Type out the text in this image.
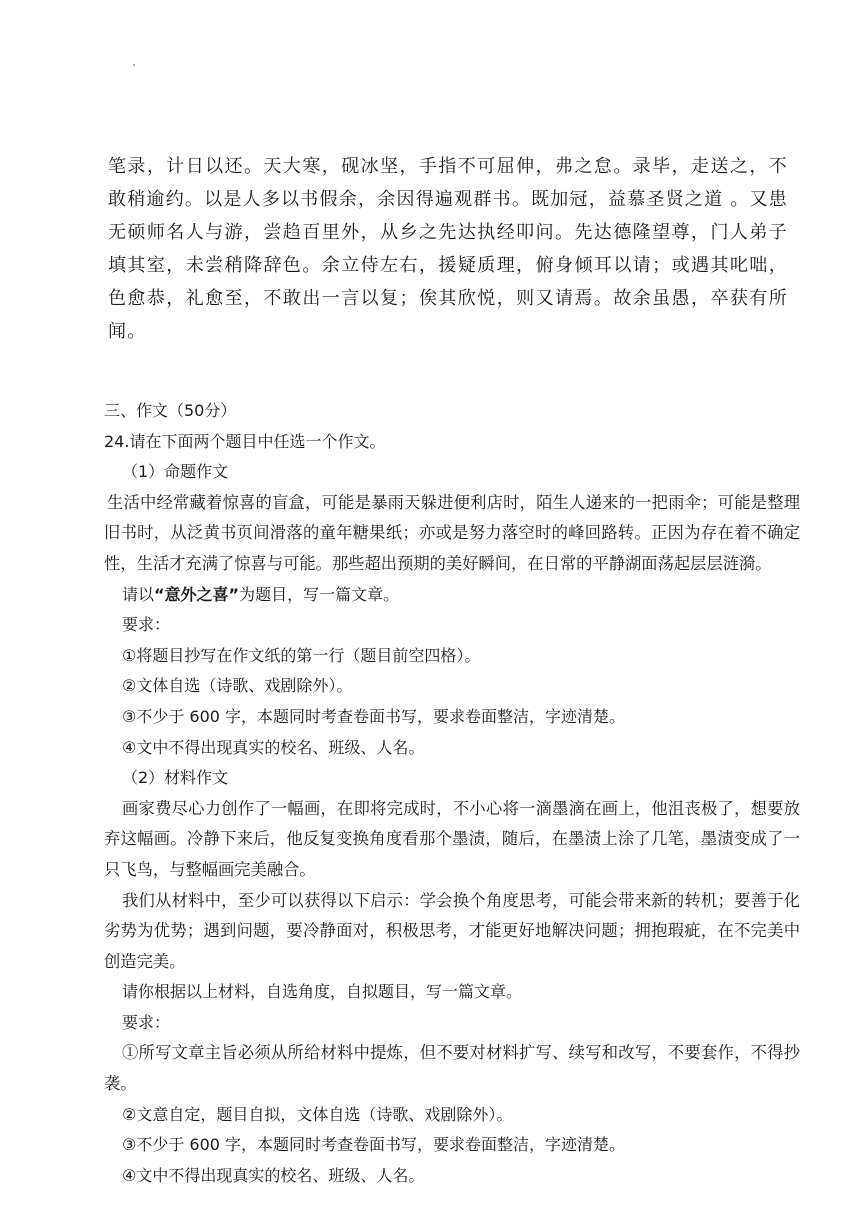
笔录，计日以还。天大寒，砚冰坚，手指不可屈伸，弗之怠。录毕，走送之，不敢稍逾约。以是人多以书假余，余因得遍观群书。既加冠，益慕圣贤之道 。又患无硕师名人与游，尝趋百里外，从乡之先达执经叩问。先达德隆望尊，门人弟子填其室，未尝稍降辞色。余立侍左右，援疑质理，俯身倾耳以请；或遇其叱咄，色愈恭，礼愈至，不敢出一言以复；俟其欣悦，则又请焉。故余虽愚，卒获有所闻。

三、作文（50分）

24.请在下面两个题目中任选一个作文。

（1）命题作文

生活中经常藏着惊喜的盲盒，可能是暴雨天躲进便利店时，陌生人递来的一把雨伞；可能是整理旧书时，从泛黄书页间滑落的童年糖果纸；亦或是努力落空时的峰回路转。正因为存在着不确定性，生活才充满了惊喜与可能。那些超出预期的美好瞬间，在日常的平静湖面荡起层层涟漪。

请以“意外之喜”为题目，写一篇文章。

要求：

①将题目抄写在作文纸的第一行（题目前空四格）。

②文体自选（诗歌、戏剧除外）。

③不少于 600 字，本题同时考查卷面书写，要求卷面整洁，字迹清楚。

④文中不得出现真实的校名、班级、人名。

（2）材料作文

画家费尽心力创作了一幅画，在即将完成时，不小心将一滴墨滴在画上，他沮丧极了，想要放弃这幅画。冷静下来后，他反复变换角度看那个墨渍，随后，在墨渍上涂了几笔，墨渍变成了一只飞鸟，与整幅画完美融合。

我们从材料中，至少可以获得以下启示：学会换个角度思考，可能会带来新的转机；要善于化劣势为优势；遇到问题，要冷静面对，积极思考，才能更好地解决问题；拥抱瑕疵，在不完美中创造完美。

请你根据以上材料，自选角度，自拟题目，写一篇文章。

要求：

①所写文章主旨必须从所给材料中提炼，但不要对材料扩写、续写和改写，不要套作，不得抄袭。

②文意自定，题目自拟，文体自选（诗歌、戏剧除外）。

③不少于 600 字，本题同时考查卷面书写，要求卷面整洁，字迹清楚。

④文中不得出现真实的校名、班级、人名。
